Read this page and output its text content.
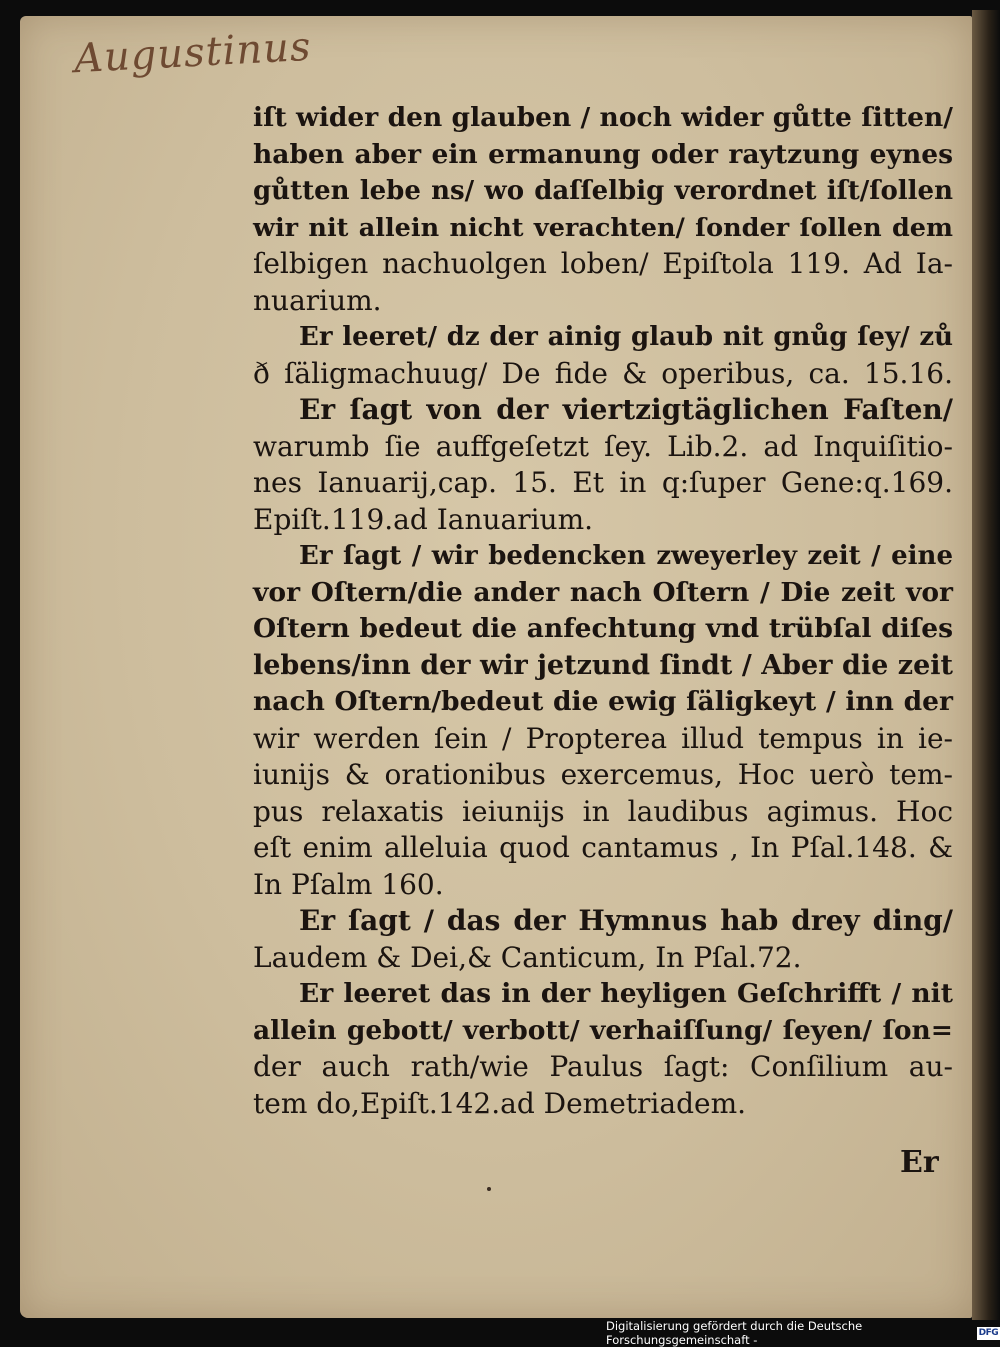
Augustinus
iſt wider den glauben / noch wider gůtte ſitten/
haben aber ein ermanung oder raytzung eynes
gůtten lebe ns/ wo daſſelbig verordnet iſt/ſollen
wir nit allein nicht verachten/ ſonder ſollen dem
ſelbigen nachuolgen loben/ Epiſtola 119. Ad Ia-
nuarium.
Er leeret/ dz der ainig glaub nit gnůg ſey/ zů
ð ſäligmachuug/ De fide & operibus, ca. 15.16.
Er ſagt von der viertzigtäglichen Faſten/
warumb ſie auffgeſetzt ſey. Lib.2. ad Inquiſitio-
nes Ianuarij,cap. 15. Et in q:ſuper Gene:q.169.
Epiſt.119.ad Ianuarium.
Er ſagt / wir bedencken zweyerley zeit / eine
vor Oſtern/die ander nach Oſtern / Die zeit vor
Oſtern bedeut die anfechtung vnd trübſal diſes
lebens/inn der wir jetzund ſindt / Aber die zeit
nach Oſtern/bedeut die ewig ſäligkeyt / inn der
wir werden ſein / Propterea illud tempus in ie-
iunijs & orationibus exercemus, Hoc uerò tem-
pus relaxatis ieiunijs in laudibus agimus. Hoc
eſt enim alleluia quod cantamus , In Pſal.148. &
In Pſalm 160.
Er ſagt / das der Hymnus hab drey ding/
Laudem & Dei,& Canticum, In Pſal.72.
Er leeret das in der heyligen Geſchrifft / nit
allein gebott/ verbott/ verhaiſſung/ ſeyen/ ſon=
der auch rath/wie Paulus ſagt: Conſilium au-
tem do,Epiſt.142.ad Demetriadem.
Er
Digitalisierung gefördert durch die Deutsche Forschungsgemeinschaft -
DFG
